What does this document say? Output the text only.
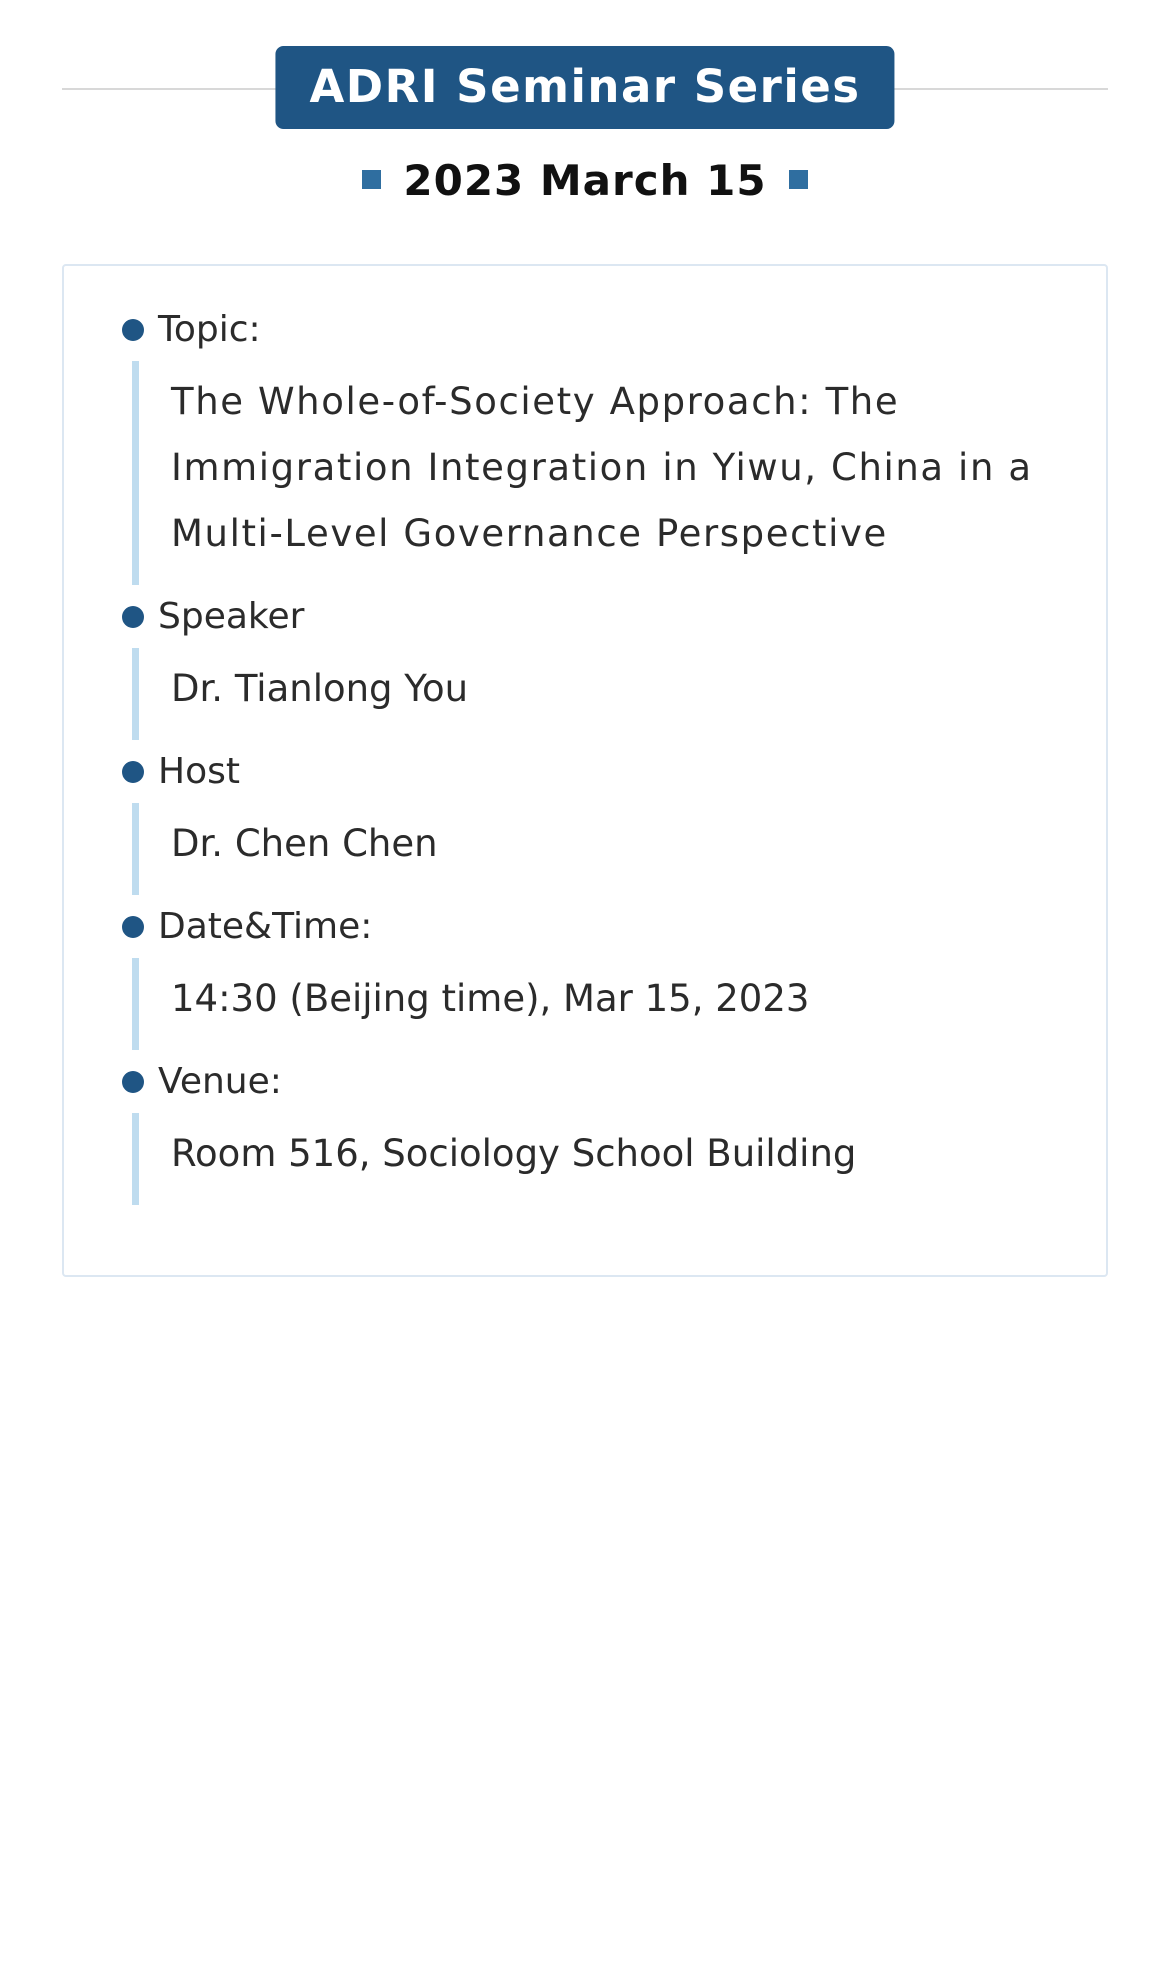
ADRI Seminar Series
2023 March 15
Topic:
The Whole-of-Society Approach: The Immigration Integration in Yiwu, China in a Multi-Level Governance Perspective
Speaker
Dr. Tianlong You
Host
Dr. Chen Chen
Date&Time:
14:30 (Beijing time), Mar 15, 2023
Venue:
Room 516, Sociology School Building
